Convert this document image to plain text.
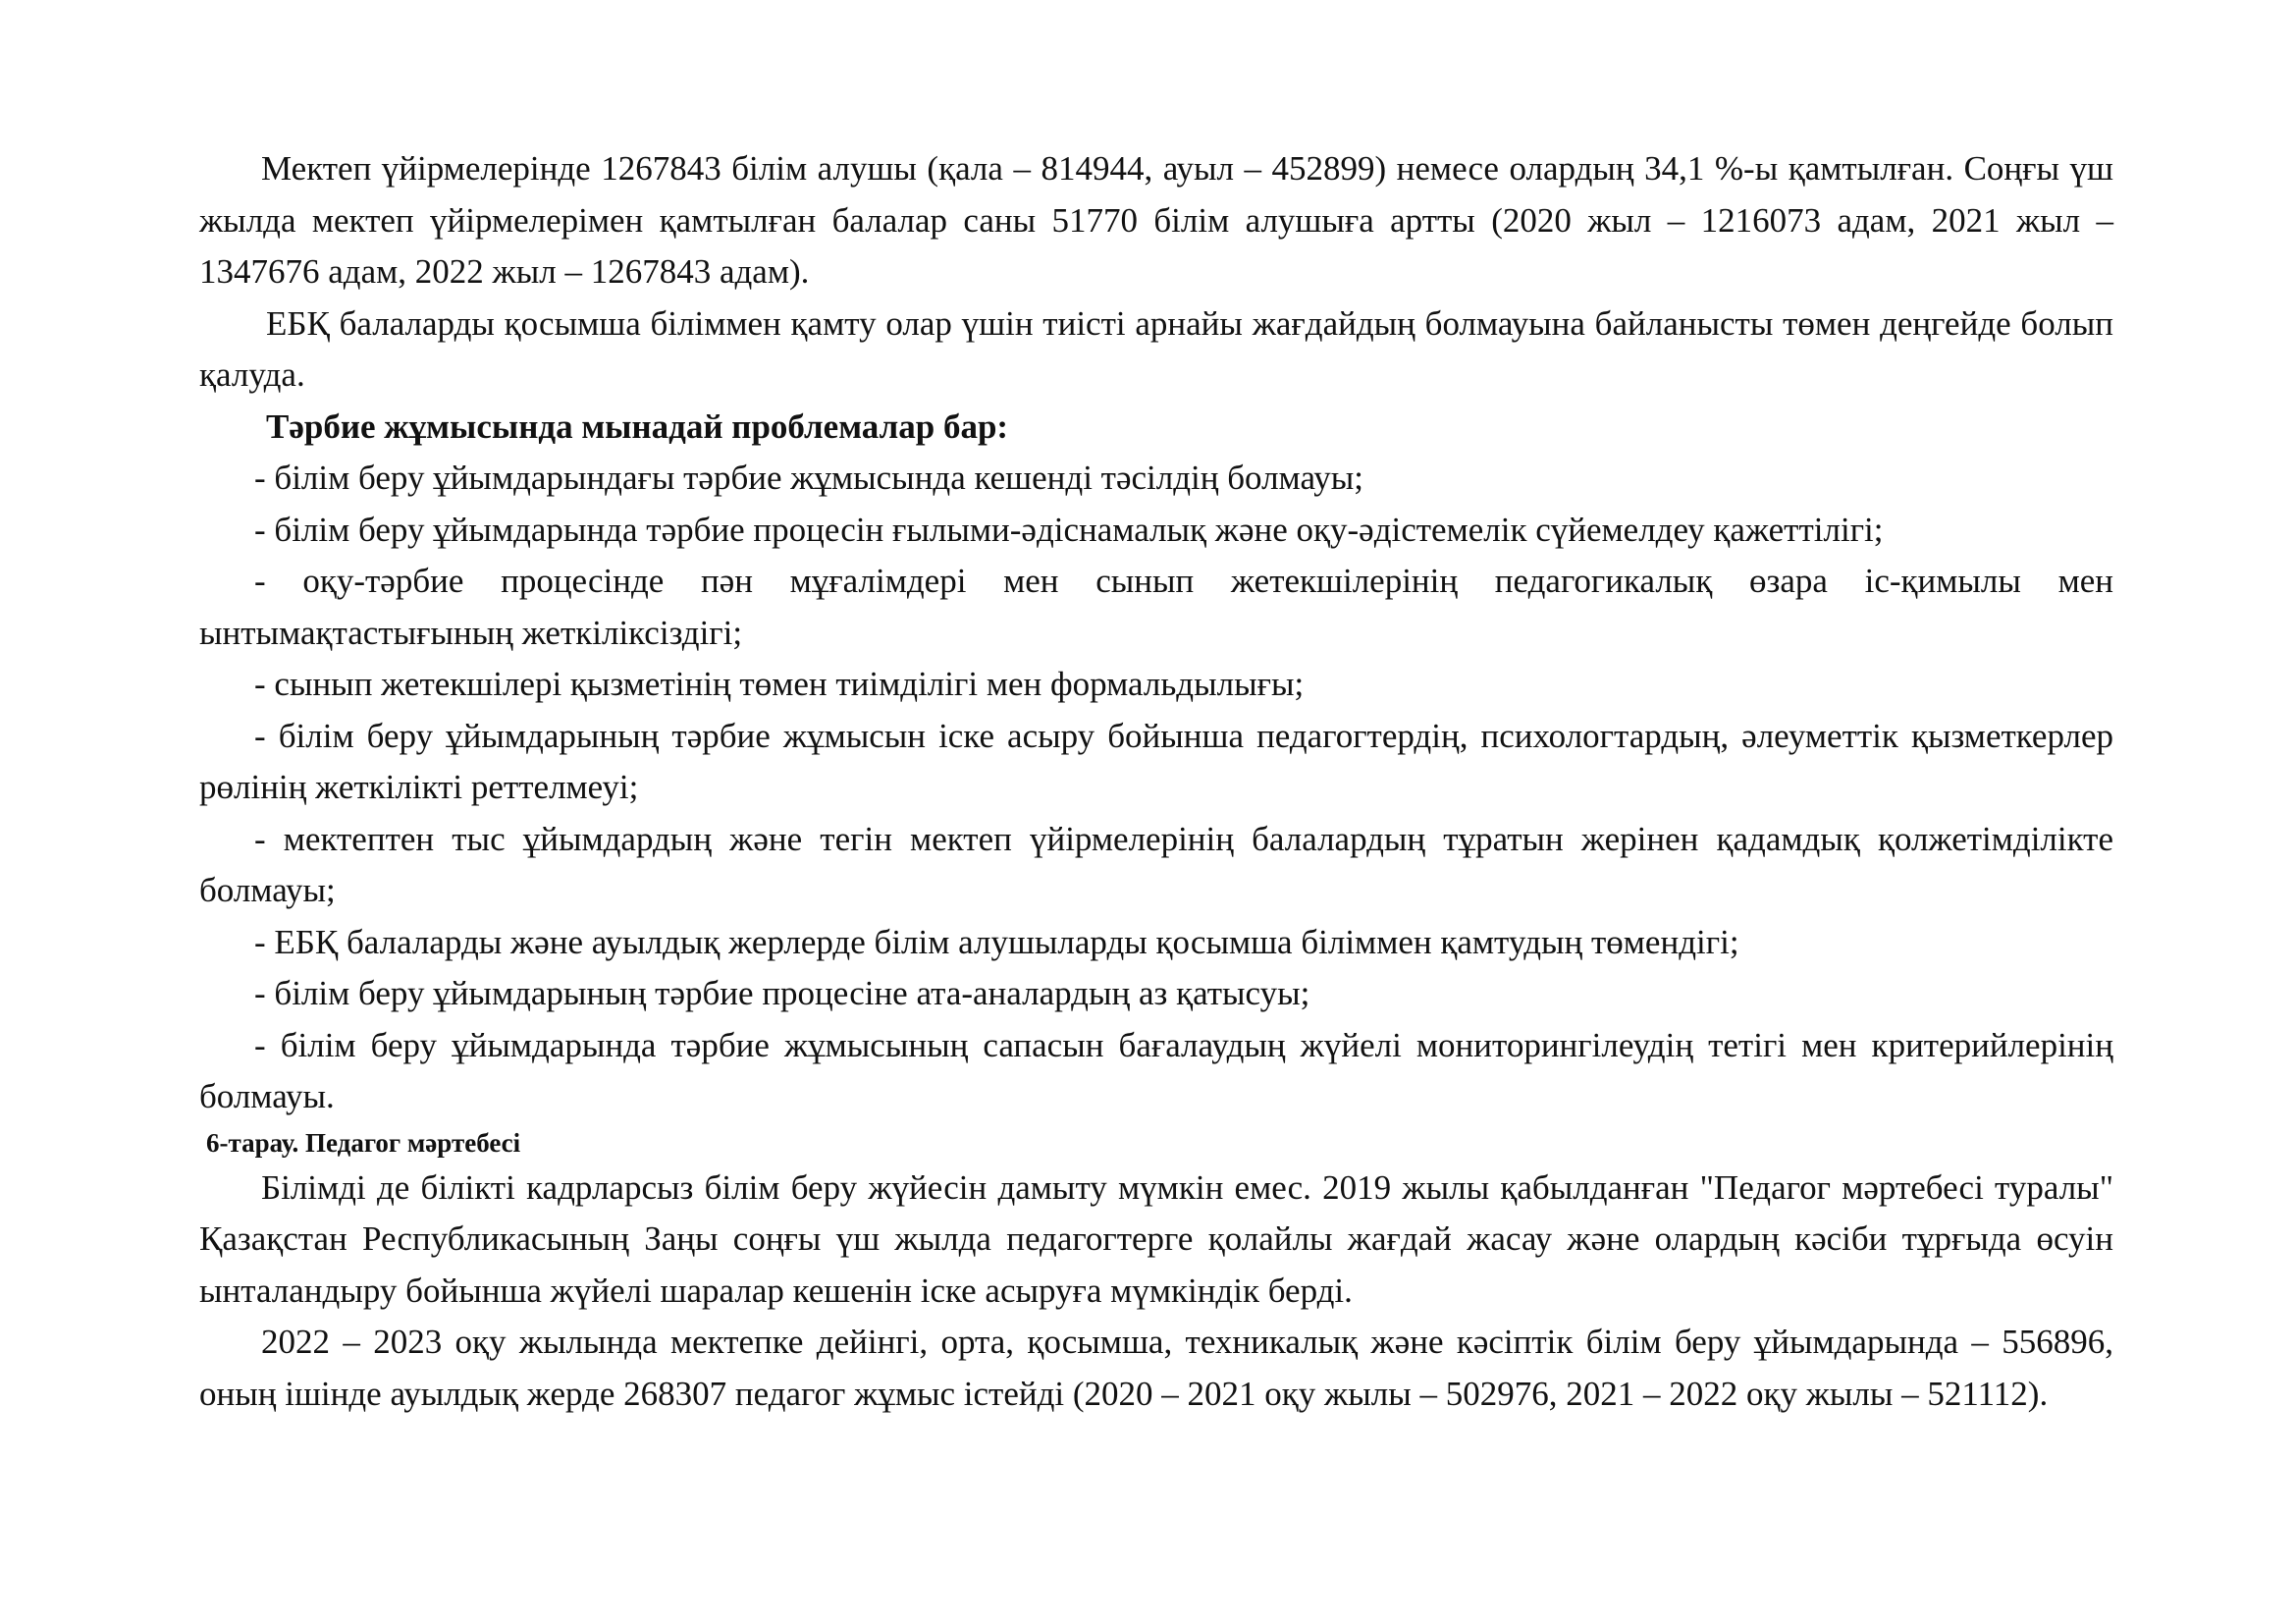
Мектеп үйірмелерінде 1267843 білім алушы (қала – 814944, ауыл – 452899) немесе олардың 34,1 %-ы қамтылған. Соңғы үш жылда мектеп үйірмелерімен қамтылған балалар саны 51770 білім алушыға артты (2020 жыл – 1216073 адам, 2021 жыл – 1347676 адам, 2022 жыл – 1267843 адам).

ЕБҚ балаларды қосымша біліммен қамту олар үшін тиісті арнайы жағдайдың болмауына байланысты төмен деңгейде болып қалуда.

Тәрбие жұмысында мынадай проблемалар бар:

- білім беру ұйымдарындағы тәрбие жұмысында кешенді тәсілдің болмауы;

- білім беру ұйымдарында тәрбие процесін ғылыми-әдіснамалық және оқу-әдістемелік сүйемелдеу қажеттілігі;

- оқу-тәрбие процесінде пән мұғалімдері мен сынып жетекшілерінің педагогикалық өзара іс-қимылы мен ынтымақтастығының жеткіліксіздігі;

- сынып жетекшілері қызметінің төмен тиімділігі мен формальдылығы;

- білім беру ұйымдарының тәрбие жұмысын іске асыру бойынша педагогтердің, психологтардың, әлеуметтік қызметкерлер рөлінің жеткілікті реттелмеуі;

- мектептен тыс ұйымдардың және тегін мектеп үйірмелерінің балалардың тұратын жерінен қадамдық қолжетімділікте болмауы;

- ЕБҚ балаларды және ауылдық жерлерде білім алушыларды қосымша біліммен қамтудың төмендігі;

- білім беру ұйымдарының тәрбие процесіне ата-аналардың аз қатысуы;

- білім беру ұйымдарында тәрбие жұмысының сапасын бағалаудың жүйелі мониторингілеудің тетігі мен критерийлерінің болмауы.

6-тарау. Педагог мәртебесі

Білімді де білікті кадрларсыз білім беру жүйесін дамыту мүмкін емес. 2019 жылы қабылданған "Педагог мәртебесі туралы" Қазақстан Республикасының Заңы соңғы үш жылда педагогтерге қолайлы жағдай жасау және олардың кәсіби тұрғыда өсуін ынталандыру бойынша жүйелі шаралар кешенін іске асыруға мүмкіндік берді.

2022 – 2023 оқу жылында мектепке дейінгі, орта, қосымша, техникалық және кәсіптік білім беру ұйымдарында – 556896, оның ішінде ауылдық жерде 268307 педагог жұмыс істейді (2020 – 2021 оқу жылы – 502976, 2021 – 2022 оқу жылы – 521112).
